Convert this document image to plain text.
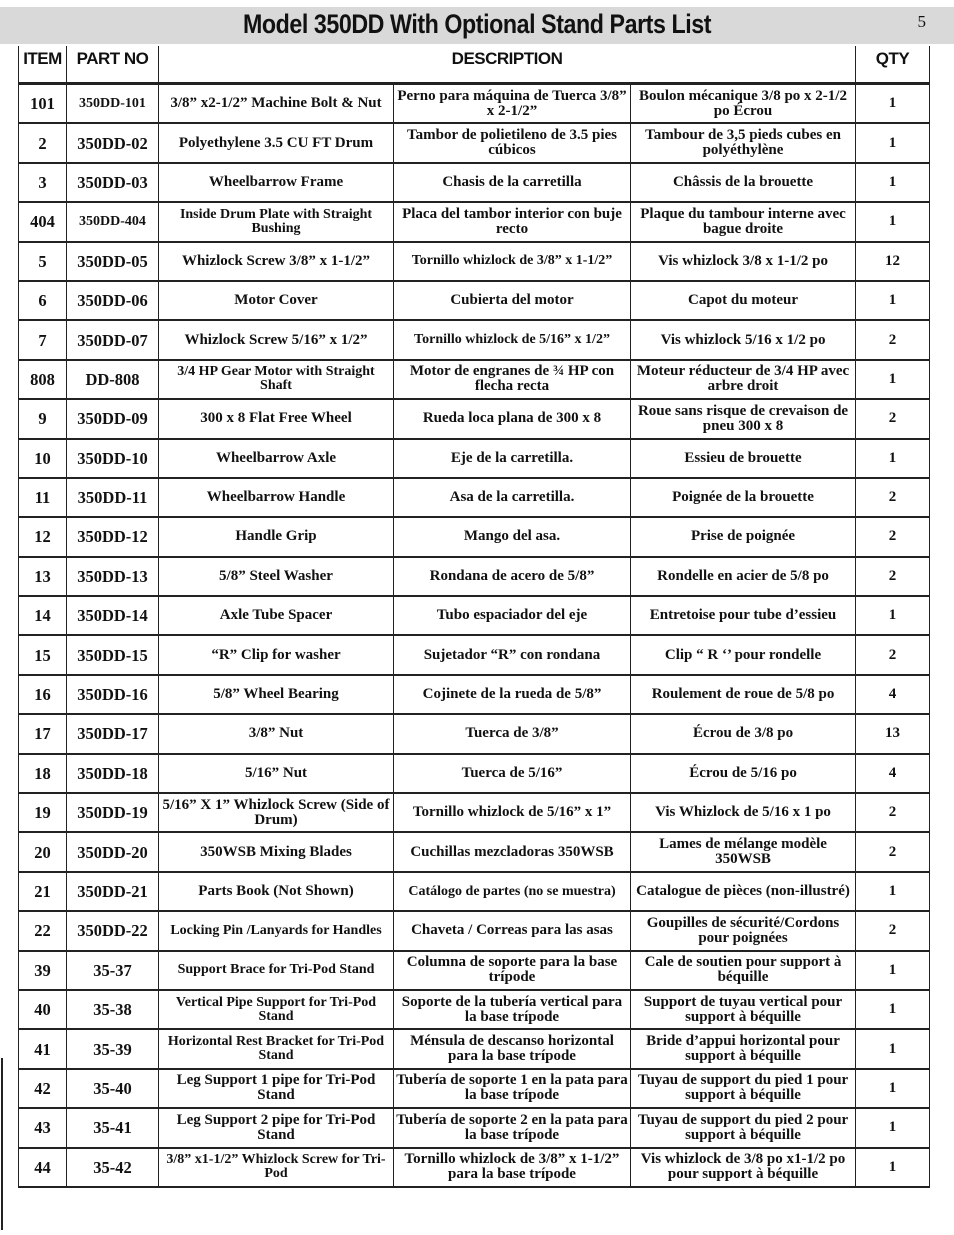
Model 350DD With Optional Stand Parts List	5
ITEM	PART NO	DESCRIPTION			QTY
101	350DD-101	3/8” x2-1/2” Machine Bolt & Nut	Perno para máquina de Tuerca 3/8” x 2-1/2”	Boulon mécanique 3/8 po x 2-1/2 po Écrou	1
2	350DD-02	Polyethylene 3.5 CU FT Drum	Tambor de polietileno de 3.5 pies cúbicos	Tambour de 3,5 pieds cubes en polyéthylène	1
3	350DD-03	Wheelbarrow Frame	Chasis de la carretilla	Châssis de la brouette	1
404	350DD-404	Inside Drum Plate with Straight Bushing	Placa del tambor interior con buje recto	Plaque du tambour interne avec bague droite	1
5	350DD-05	Whizlock Screw 3/8” x 1-1/2”	Tornillo whizlock de 3/8” x 1-1/2”	Vis whizlock 3/8 x 1-1/2 po	12
6	350DD-06	Motor Cover	Cubierta del motor	Capot du moteur	1
7	350DD-07	Whizlock Screw 5/16” x 1/2”	Tornillo whizlock de 5/16” x 1/2”	Vis whizlock 5/16 x 1/2 po	2
808	DD-808	3/4 HP Gear Motor with Straight Shaft	Motor de engranes de ¾ HP con flecha recta	Moteur réducteur de 3/4 HP avec arbre droit	1
9	350DD-09	300 x 8 Flat Free Wheel	Rueda loca plana de 300 x 8	Roue sans risque de crevaison de pneu 300 x 8	2
10	350DD-10	Wheelbarrow Axle	Eje de la carretilla.	Essieu de brouette	1
11	350DD-11	Wheelbarrow Handle	Asa de la carretilla.	Poignée de la brouette	2
12	350DD-12	Handle Grip	Mango del asa.	Prise de poignée	2
13	350DD-13	5/8” Steel Washer	Rondana de acero de 5/8”	Rondelle en acier de 5/8 po	2
14	350DD-14	Axle Tube Spacer	Tubo espaciador del eje	Entretoise pour tube d’essieu	1
15	350DD-15	“R” Clip for washer	Sujetador “R” con rondana	Clip “ R ‘’ pour rondelle	2
16	350DD-16	5/8” Wheel Bearing	Cojinete de la rueda de 5/8”	Roulement de roue de 5/8 po	4
17	350DD-17	3/8” Nut	Tuerca de 3/8”	Écrou de 3/8 po	13
18	350DD-18	5/16” Nut	Tuerca de 5/16”	Écrou de 5/16 po	4
19	350DD-19	5/16” X 1” Whizlock Screw (Side of Drum)	Tornillo whizlock de 5/16” x 1”	Vis Whizlock de 5/16 x 1 po	2
20	350DD-20	350WSB Mixing Blades	Cuchillas mezcladoras 350WSB	Lames de mélange modèle 350WSB	2
21	350DD-21	Parts Book (Not Shown)	Catálogo de partes (no se muestra)	Catalogue de pièces (non-illustré)	1
22	350DD-22	Locking Pin /Lanyards for Handles	Chaveta / Correas para las asas	Goupilles de sécurité/Cordons pour poignées	2
39	35-37	Support Brace for Tri-Pod Stand	Columna de soporte para la base trípode	Cale de soutien pour support à béquille	1
40	35-38	Vertical Pipe Support for Tri-Pod Stand	Soporte de la tubería vertical para la base trípode	Support de tuyau vertical pour support à béquille	1
41	35-39	Horizontal Rest Bracket for Tri-Pod Stand	Ménsula de descanso horizontal para la base trípode	Bride d’appui horizontal pour support à béquille	1
42	35-40	Leg Support 1 pipe for Tri-Pod Stand	Tubería de soporte 1 en la pata para la base trípode	Tuyau de support du pied 1 pour support à béquille	1
43	35-41	Leg Support 2 pipe for Tri-Pod Stand	Tubería de soporte 2 en la pata para la base trípode	Tuyau de support du pied 2 pour support à béquille	1
44	35-42	3/8” x1-1/2” Whizlock Screw for Tri-Pod	Tornillo whizlock de 3/8” x 1-1/2” para la base trípode	Vis whizlock de 3/8 po x1-1/2 po pour support à béquille	1
